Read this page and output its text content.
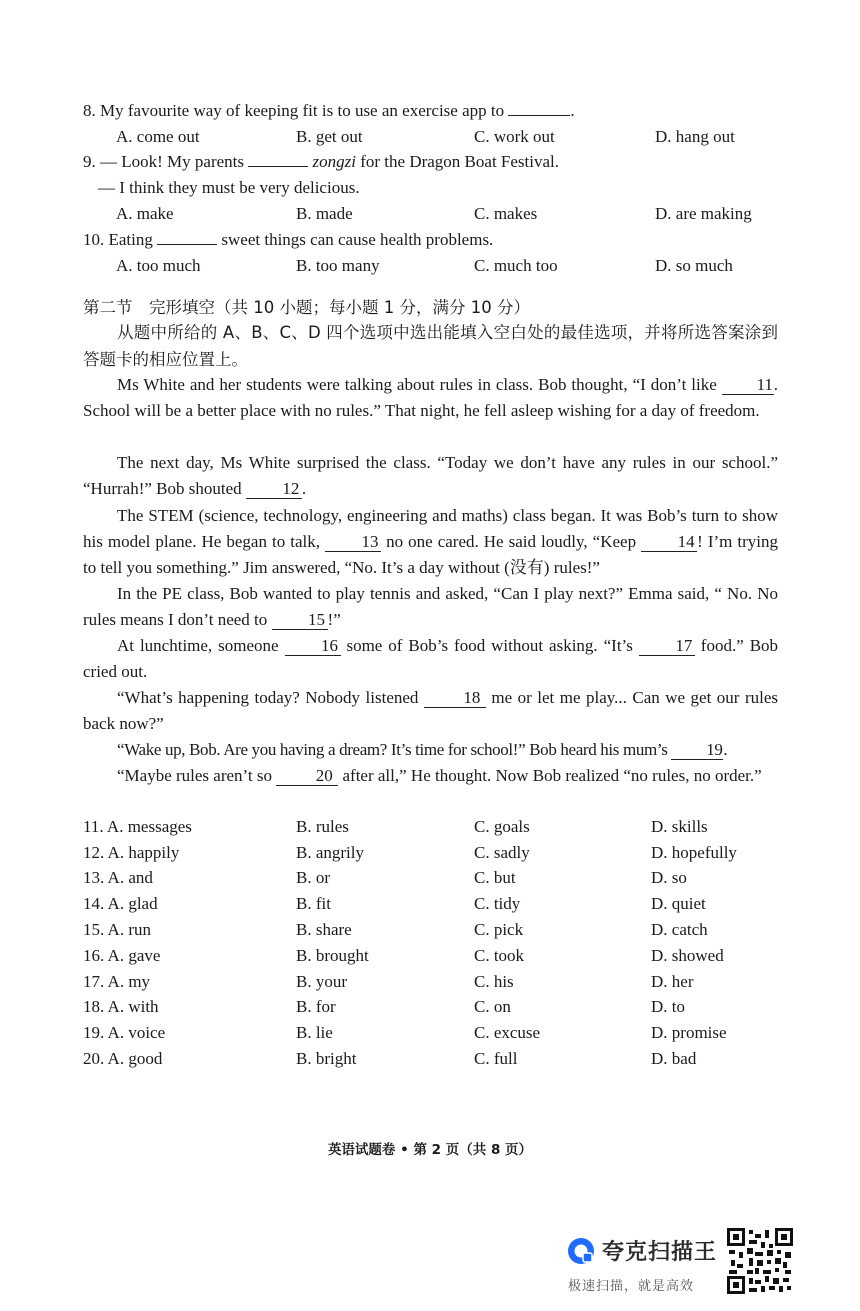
8. My favourite way of keeping fit is to use an exercise app to	.
A. come out	B. get out	C. work out	D. hang out
9. — Look! My parents	zongzi for the Dragon Boat Festival.
— I think they must be very delicious.
A. make	B. made	C. makes	D. are making
10. Eating	sweet things can cause health problems.
A. too much	B. too many	C. much too	D. so much
第二节　完形填空（共 10 小题；每小题 1 分，满分 10 分）
从题中所给的 A、B、C、D 四个选项中选出能填入空白处的最佳选项，并将所选答案涂到答题卡的相应位置上。
Ms White and her students were talking about rules in class. Bob thought, “I don’t like 11. School will be a better place with no rules.” That night, he fell asleep wishing for a day of freedom.
The next day, Ms White surprised the class. “Today we don’t have any rules in our school.” “Hurrah!” Bob shouted 12 .
The STEM (science, technology, engineering and maths) class began. It was Bob’s turn to show his model plane. He began to talk, 13 no one cared. He said loudly, “Keep 14 ! I’m trying to tell you something.” Jim answered, “No. It’s a day without (没有) rules!”
In the PE class, Bob wanted to play tennis and asked, “Can I play next?” Emma said, “ No. No rules means I don’t need to 15 !”
At lunchtime, someone 16 some of Bob’s food without asking. “It’s 17 food.” Bob cried out.
“What’s happening today? Nobody listened	18 me or let me play... Can we get our rules back now?”
“Wake up, Bob. Are you having a dream? It’s time for school!” Bob heard his mum’s 19.
“Maybe rules aren’t so	20 after all,” He thought. Now Bob realized “no rules, no order.”
11. A. messages	B. rules	C. goals	D. skills
12. A. happily	B. angrily	C. sadly	D. hopefully
13. A. and	B. or	C. but	D. so
14. A. glad	B. fit	C. tidy	D. quiet
15. A. run	B. share	C. pick	D. catch
16. A. gave	B. brought	C. took	D. showed
17. A. my	B. your	C. his	D. her
18. A. with	B. for	C. on	D. to
19. A. voice	B. lie	C. excuse	D. promise
20. A. good	B. bright	C. full	D. bad
英语试题卷 • 第 2 页（共 8 页）
夸克扫描王
极速扫描，就是高效
